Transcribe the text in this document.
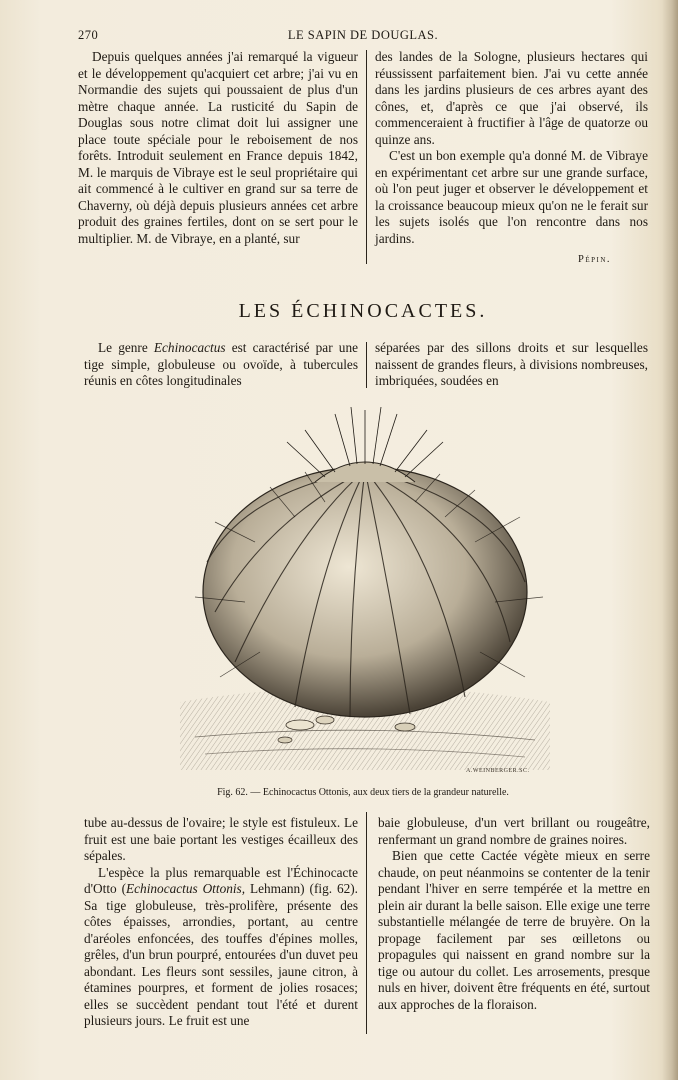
270	LE SAPIN DE DOUGLAS.

Depuis quelques années j'ai remarqué la vigueur et le développement qu'acquiert cet arbre; j'ai vu en Normandie des sujets qui poussaient de plus d'un mètre chaque année. La rusticité du Sapin de Douglas sous notre climat doit lui assigner une place toute spéciale pour le reboisement de nos forêts. Introduit seulement en France depuis 1842, M. le marquis de Vibraye est le seul propriétaire qui ait commencé à le cultiver en grand sur sa terre de Chaverny, où déjà depuis plusieurs années cet arbre produit des graines fertiles, dont on se sert pour le multiplier. M. de Vibraye, en a planté, sur

des landes de la Sologne, plusieurs hectares qui réussissent parfaitement bien. J'ai vu cette année dans les jardins plusieurs de ces arbres ayant des cônes, et, d'après ce que j'ai observé, ils commenceraient à fructifier à l'âge de quatorze ou quinze ans.

C'est un bon exemple qu'a donné M. de Vibraye en expérimentant cet arbre sur une grande surface, où l'on peut juger et observer le développement et la croissance beaucoup mieux qu'on ne le ferait sur les sujets isolés que l'on rencontre dans nos jardins.

Pépin.
LES ÉCHINOCACTES.

Le genre Echinocactus est caractérisé par une tige simple, globuleuse ou ovoïde, à tubercules réunis en côtes longitudinales

séparées par des sillons droits et sur lesquelles naissent de grandes fleurs, à divisions nombreuses, imbriquées, soudées en

A.WEINBERGER.SC.
Fig. 62. — Echinocactus Ottonis, aux deux tiers de la grandeur naturelle.

tube au-dessus de l'ovaire; le style est fistuleux. Le fruit est une baie portant les vestiges écailleux des sépales.

L'espèce la plus remarquable est l'Échinocacte d'Otto (Echinocactus Ottonis, Lehmann) (fig. 62). Sa tige globuleuse, très-prolifère, présente des côtes épaisses, arrondies, portant, au centre d'aréoles enfoncées, des touffes d'épines molles, grêles, d'un brun pourpré, entourées d'un duvet peu abondant. Les fleurs sont sessiles, jaune citron, à étamines pourpres, et forment de jolies rosaces; elles se succèdent pendant tout l'été et durent plusieurs jours. Le fruit est une

baie globuleuse, d'un vert brillant ou rougeâtre, renfermant un grand nombre de graines noires.

Bien que cette Cactée végète mieux en serre chaude, on peut néanmoins se contenter de la tenir pendant l'hiver en serre tempérée et la mettre en plein air durant la belle saison. Elle exige une terre substantielle mélangée de terre de bruyère. On la propage facilement par ses œilletons ou propagules qui naissent en grand nombre sur la tige ou autour du collet. Les arrosements, presque nuls en hiver, doivent être fréquents en été, surtout aux approches de la floraison.
